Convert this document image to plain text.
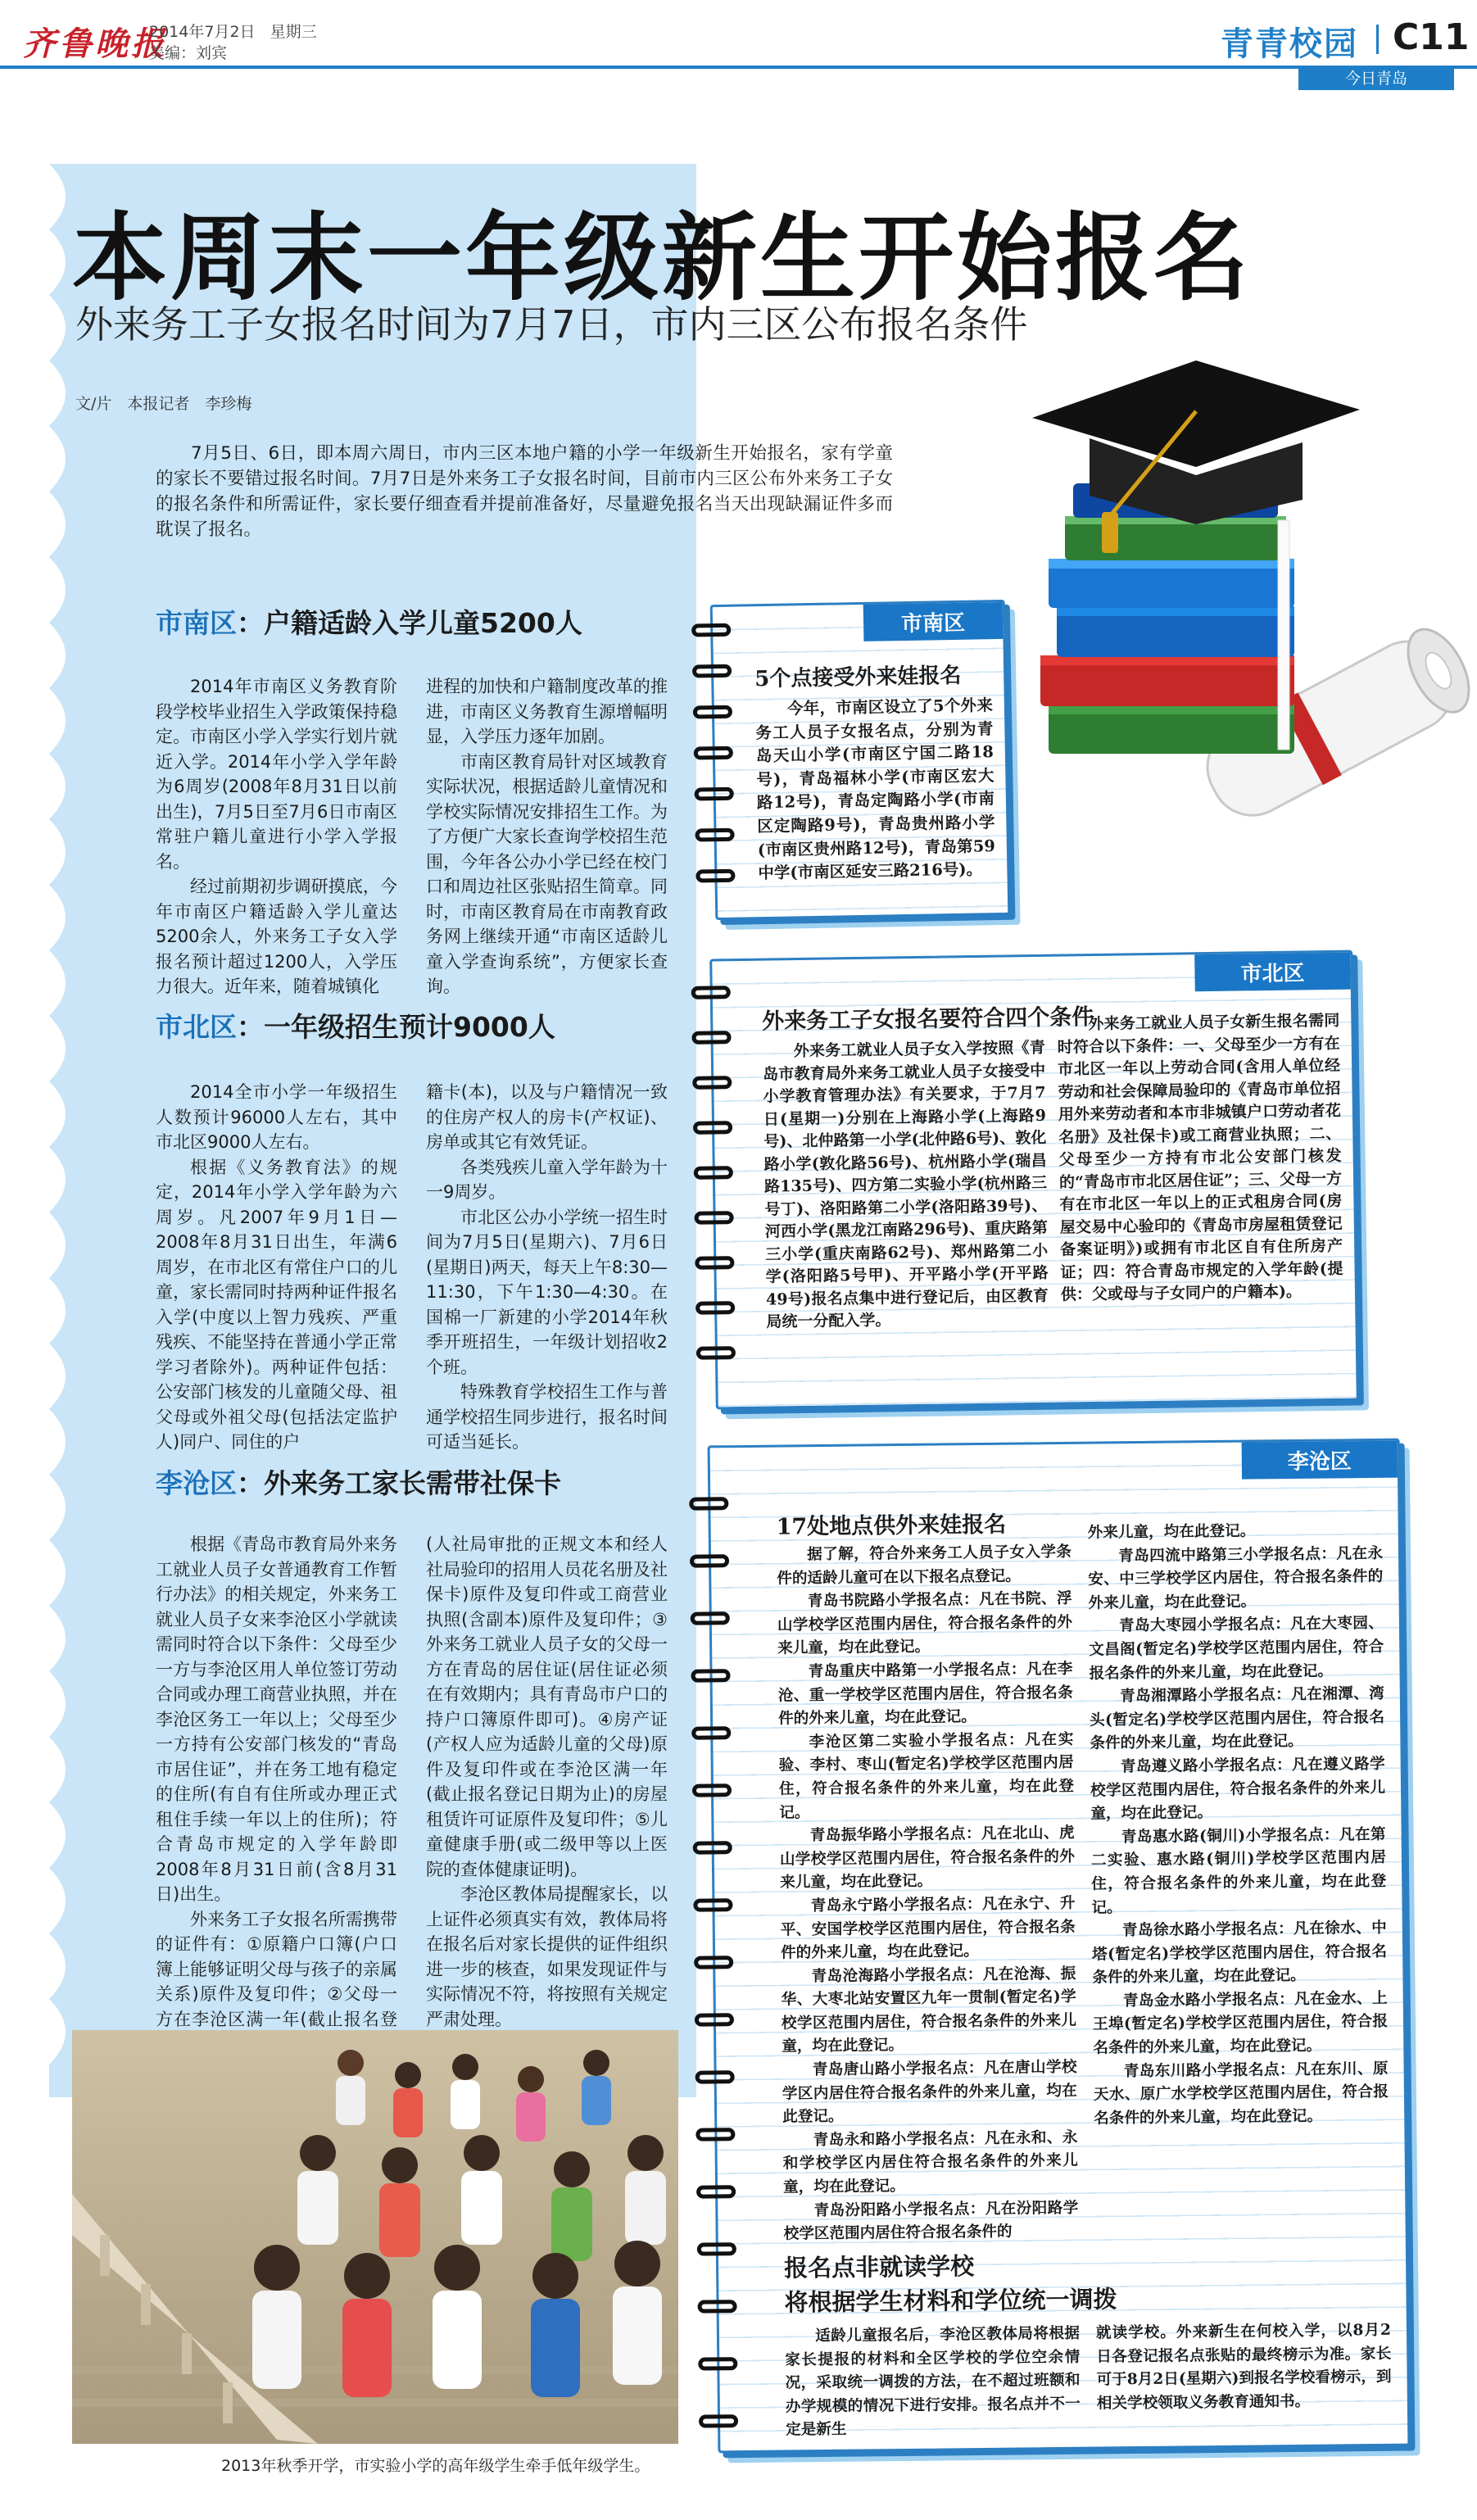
齐鲁晚报
2014年7月2日 星期三
美编：刘宾	青青校园 C11
今日青岛
本周末一年级新生开始报名
外来务工子女报名时间为7月7日，市内三区公布报名条件
文/片　本报记者　李珍梅

7月5日、6日，即本周六周日，市内三区本地户籍的小学一年级新生开始报名，家有学童的家长不要错过报名时间。7月7日是外来务工子女报名时间，目前市内三区公布外来务工子女的报名条件和所需证件，家长要仔细查看并提前准备好，尽量避免报名当天出现缺漏证件多而耽误了报名。

市南区：户籍适龄入学儿童5200人

2014年市南区义务教育阶段学校毕业招生入学政策保持稳定。市南区小学入学实行划片就近入学。2014年小学入学年龄为6周岁(2008年8月31日以前出生)，7月5日至7月6日市南区常驻户籍儿童进行小学入学报名。

经过前期初步调研摸底，今年市南区户籍适龄入学儿童达5200余人，外来务工子女入学报名预计超过1200人，入学压力很大。近年来，随着城镇化

进程的加快和户籍制度改革的推进，市南区义务教育生源增幅明显，入学压力逐年加剧。

市南区教育局针对区域教育实际状况，根据适龄儿童情况和学校实际情况安排招生工作。为了方便广大家长查询学校招生范围，今年各公办小学已经在校门口和周边社区张贴招生简章。同时，市南区教育局在市南教育政务网上继续开通“市南区适龄儿童入学查询系统”，方便家长查询。

市南区
5个点接受外来娃报名

今年，市南区设立了5个外来务工人员子女报名点，分别为青岛天山小学(市南区宁国二路18号)，青岛福林小学(市南区宏大路12号)，青岛定陶路小学(市南区定陶路9号)，青岛贵州路小学(市南区贵州路12号)，青岛第59中学(市南区延安三路216号)。

市北区：一年级招生预计9000人

2014全市小学一年级招生人数预计96000人左右，其中市北区9000人左右。

根据《义务教育法》的规定，2014年小学入学年龄为六周岁。凡2007年9月1日—2008年8月31日出生，年满6周岁，在市北区有常住户口的儿童，家长需同时持两种证件报名入学(中度以上智力残疾、严重残疾、不能坚持在普通小学正常学习者除外)。两种证件包括：公安部门核发的儿童随父母、祖父母或外祖父母(包括法定监护人)同户、同住的户

籍卡(本)，以及与户籍情况一致的住房产权人的房卡(产权证)、房单或其它有效凭证。

各类残疾儿童入学年龄为十一9周岁。

市北区公办小学统一招生时间为7月5日(星期六)、7月6日(星期日)两天，每天上午8:30—11:30，下午1:30—4:30。在国棉一厂新建的小学2014年秋季开班招生，一年级计划招收2个班。

特殊教育学校招生工作与普通学校招生同步进行，报名时间可适当延长。

市北区
外来务工子女报名要符合四个条件

外来务工就业人员子女入学按照《青岛市教育局外来务工就业人员子女接受中小学教育管理办法》有关要求，于7月7日(星期一)分别在上海路小学(上海路9号)、北仲路第一小学(北仲路6号)、敦化路小学(敦化路56号)、杭州路小学(瑞昌路135号)、四方第二实验小学(杭州路三号丁)、洛阳路第二小学(洛阳路39号)、河西小学(黑龙江南路296号)、重庆路第三小学(重庆南路62号)、郑州路第二小学(洛阳路5号甲)、开平路小学(开平路49号)报名点集中进行登记后，由区教育局统一分配入学。

外来务工就业人员子女新生报名需同时符合以下条件：一、父母至少一方有在市北区一年以上劳动合同(含用人单位经劳动和社会保障局验印的《青岛市单位招用外来劳动者和本市非城镇户口劳动者花名册》及社保卡)或工商营业执照；二、父母至少一方持有市北公安部门核发的“青岛市市北区居住证”；三、父母一方有在市北区一年以上的正式租房合同(房屋交易中心验印的《青岛市房屋租赁登记备案证明》)或拥有市北区自有住所房产证；四：符合青岛市规定的入学年龄(提供：父或母与子女同户的户籍本)。

李沧区：外来务工家长需带社保卡

根据《青岛市教育局外来务工就业人员子女普通教育工作暂行办法》的相关规定，外来务工就业人员子女来李沧区小学就读需同时符合以下条件：父母至少一方与李沧区用人单位签订劳动合同或办理工商营业执照，并在李沧区务工一年以上；父母至少一方持有公安部门核发的“青岛市居住证”，并在务工地有稳定的住所(有自有住所或办理正式租住手续一年以上的住所)；符合青岛市规定的入学年龄即2008年8月31日前(含8月31日)出生。

外来务工子女报名所需携带的证件有：①原籍户口簿(户口簿上能够证明父母与孩子的亲属关系)原件及复印件；②父母一方在李沧区满一年(截止报名登

(人社局审批的正规文本和经人社局验印的招用人员花名册及社保卡)原件及复印件或工商营业执照(含副本)原件及复印件；③外来务工就业人员子女的父母一方在青岛的居住证(居住证必须在有效期内；具有青岛市户口的持户口簿原件即可)。④房产证(产权人应为适龄儿童的父母)原件及复印件或在李沧区满一年(截止报名登记日期为止)的房屋租赁许可证原件及复印件；⑤儿童健康手册(或二级甲等以上医院的查体健康证明)。

李沧区教体局提醒家长，以上证件必须真实有效，教体局将在报名后对家长提供的证件组织进一步的核查，如果发现证件与实际情况不符，将按照有关规定严肃处理。

2013年秋季开学，市实验小学的高年级学生牵手低年级学生。
李沧区
17处地点供外来娃报名

据了解，符合外来务工人员子女入学条件的适龄儿童可在以下报名点登记。

青岛书院路小学报名点：凡在书院、浮山学校学区范围内居住，符合报名条件的外来儿童，均在此登记。

青岛重庆中路第一小学报名点：凡在李沧、重一学校学区范围内居住，符合报名条件的外来儿童，均在此登记。

李沧区第二实验小学报名点：凡在实验、李村、枣山(暂定名)学校学区范围内居住，符合报名条件的外来儿童，均在此登记。

青岛振华路小学报名点：凡在北山、虎山学校学区范围内居住，符合报名条件的外来儿童，均在此登记。

青岛永宁路小学报名点：凡在永宁、升平、安国学校学区范围内居住，符合报名条件的外来儿童，均在此登记。

青岛沧海路小学报名点：凡在沧海、振华、大枣北站安置区九年一贯制(暂定名)学校学区范围内居住，符合报名条件的外来儿童，均在此登记。

青岛唐山路小学报名点：凡在唐山学校学区内居住符合报名条件的外来儿童，均在此登记。

青岛永和路小学报名点：凡在永和、永和学校学区内居住符合报名条件的外来儿童，均在此登记。

青岛汾阳路小学报名点：凡在汾阳路学校学区范围内居住符合报名条件的

外来儿童，均在此登记。

青岛四流中路第三小学报名点：凡在永安、中三学校学区内居住，符合报名条件的外来儿童，均在此登记。

青岛大枣园小学报名点：凡在大枣园、文昌阁(暂定名)学校学区范围内居住，符合报名条件的外来儿童，均在此登记。

青岛湘潭路小学报名点：凡在湘潭、湾头(暂定名)学校学区范围内居住，符合报名条件的外来儿童，均在此登记。

青岛遵义路小学报名点：凡在遵义路学校学区范围内居住，符合报名条件的外来儿童，均在此登记。

青岛惠水路(铜川)小学报名点：凡在第二实验、惠水路(铜川)学校学区范围内居住，符合报名条件的外来儿童，均在此登记。

青岛徐水路小学报名点：凡在徐水、中塔(暂定名)学校学区范围内居住，符合报名条件的外来儿童，均在此登记。

青岛金水路小学报名点：凡在金水、上王埠(暂定名)学校学区范围内居住，符合报名条件的外来儿童，均在此登记。

青岛东川路小学报名点：凡在东川、原天水、原广水学校学区范围内居住，符合报名条件的外来儿童，均在此登记。

报名点非就读学校
将根据学生材料和学位统一调拨

适龄儿童报名后，李沧区教体局将根据家长提报的材料和全区学校的学位空余情况，采取统一调拨的方法，在不超过班额和办学规模的情况下进行安排。报名点并不一定是新生

就读学校。外来新生在何校入学，以8月2日各登记报名点张贴的最终榜示为准。家长可于8月2日(星期六)到报名学校看榜示，到相关学校领取义务教育通知书。
